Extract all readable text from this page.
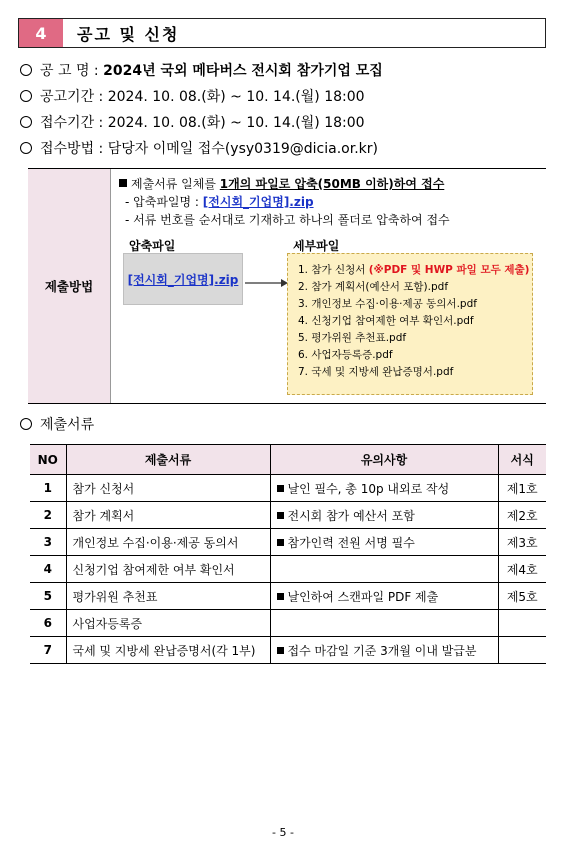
4	공고 및 신청
공 고 명 : 2024년 국외 메타버스 전시회 참가기업 모집
공고기간 : 2024. 10. 08.(화) ~ 10. 14.(월) 18:00
접수기간 : 2024. 10. 08.(화) ~ 10. 14.(월) 18:00
접수방법 : 담당자 이메일 접수(ysy0319@dicia.or.kr)
제출방법
제출서류 일체를 1개의 파일로 압축(50MB 이하)하여 접수
- 압축파일명 : [전시회_기업명].zip
- 서류 번호를 순서대로 기재하고 하나의 폴더로 압축하여 접수
압축파일	세부파일
[전시회_기업명].zip
1. 참가 신청서 (※PDF 및 HWP 파일 모두 제출)
2. 참가 계획서(예산서 포함).pdf
3. 개인정보 수집·이용·제공 동의서.pdf
4. 신청기업 참여제한 여부 확인서.pdf
5. 평가위원 추천표.pdf
6. 사업자등록증.pdf
7. 국세 및 지방세 완납증명서.pdf
제출서류
NO	제출서류	유의사항	서식
1	참가 신청서	날인 필수, 총 10p 내외로 작성	제1호
2	참가 계획서	전시회 참가 예산서 포함	제2호
3	개인정보 수집·이용·제공 동의서	참가인력 전원 서명 필수	제3호
4	신청기업 참여제한 여부 확인서		제4호
5	평가위원 추천표	날인하여 스캔파일 PDF 제출	제5호
6	사업자등록증		
7	국세 및 지방세 완납증명서(각 1부)	접수 마감일 기준 3개월 이내 발급분	
- 5 -
